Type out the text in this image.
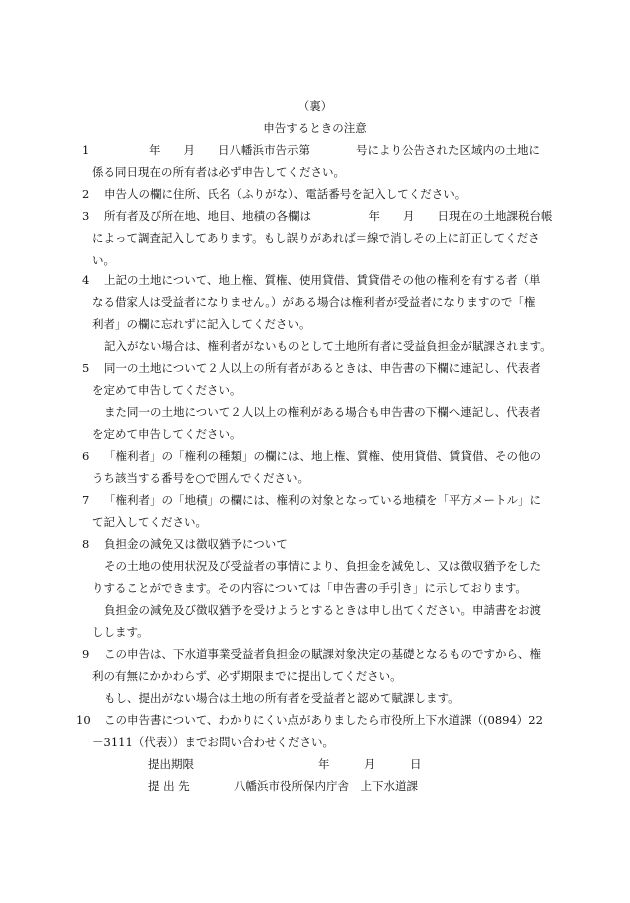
（裏）
申告するときの注意
1	年　　月　　日八幡浜市告示第　　　　号により公告された区域内の土地に
係る同日現在の所有者は必ず申告してください。
2 申告人の欄に住所、氏名（ふりがな）、電話番号を記入してください。
3 所有者及び所在地、地目、地積の各欄は　　　　　年　　月　　日現在の土地課税台帳
によって調査記入してあります。もし誤りがあれば＝線で消しその上に訂正してくださ
い。
4 上記の土地について、地上権、質権、使用貸借、賃貸借その他の権利を有する者（単
なる借家人は受益者になりません。）がある場合は権利者が受益者になりますので「権
利者」の欄に忘れずに記入してください。
記入がない場合は、権利者がないものとして土地所有者に受益負担金が賦課されます。
5 同一の土地について２人以上の所有者があるときは、申告書の下欄に連記し、代表者
を定めて申告してください。
また同一の土地について２人以上の権利がある場合も申告書の下欄へ連記し、代表者
を定めて申告してください。
6 「権利者」の「権利の種類」の欄には、地上権、質権、使用貸借、賃貸借、その他の
うち該当する番号を○で囲んでください。
7 「権利者」の「地積」の欄には、権利の対象となっている地積を「平方メートル」に
て記入してください。
8 負担金の減免又は徴収猶予について
その土地の使用状況及び受益者の事情により、負担金を減免し、又は徴収猶予をした
りすることができます。その内容については「申告書の手引き」に示しております。
負担金の減免及び徴収猶予を受けようとするときは申し出てください。申請書をお渡
しします。
9 この申告は、下水道事業受益者負担金の賦課対象決定の基礎となるものですから、権
利の有無にかかわらず、必ず期限までに提出してください。
もし、提出がない場合は土地の所有者を受益者と認めて賦課します。
10 この申告書について、わかりにくい点がありましたら市役所上下水道課（(0894）22
－3111（代表））までお問い合わせください。
提出期限	年　　　月　　　日
提 出 先	八幡浜市役所保内庁舎　上下水道課
